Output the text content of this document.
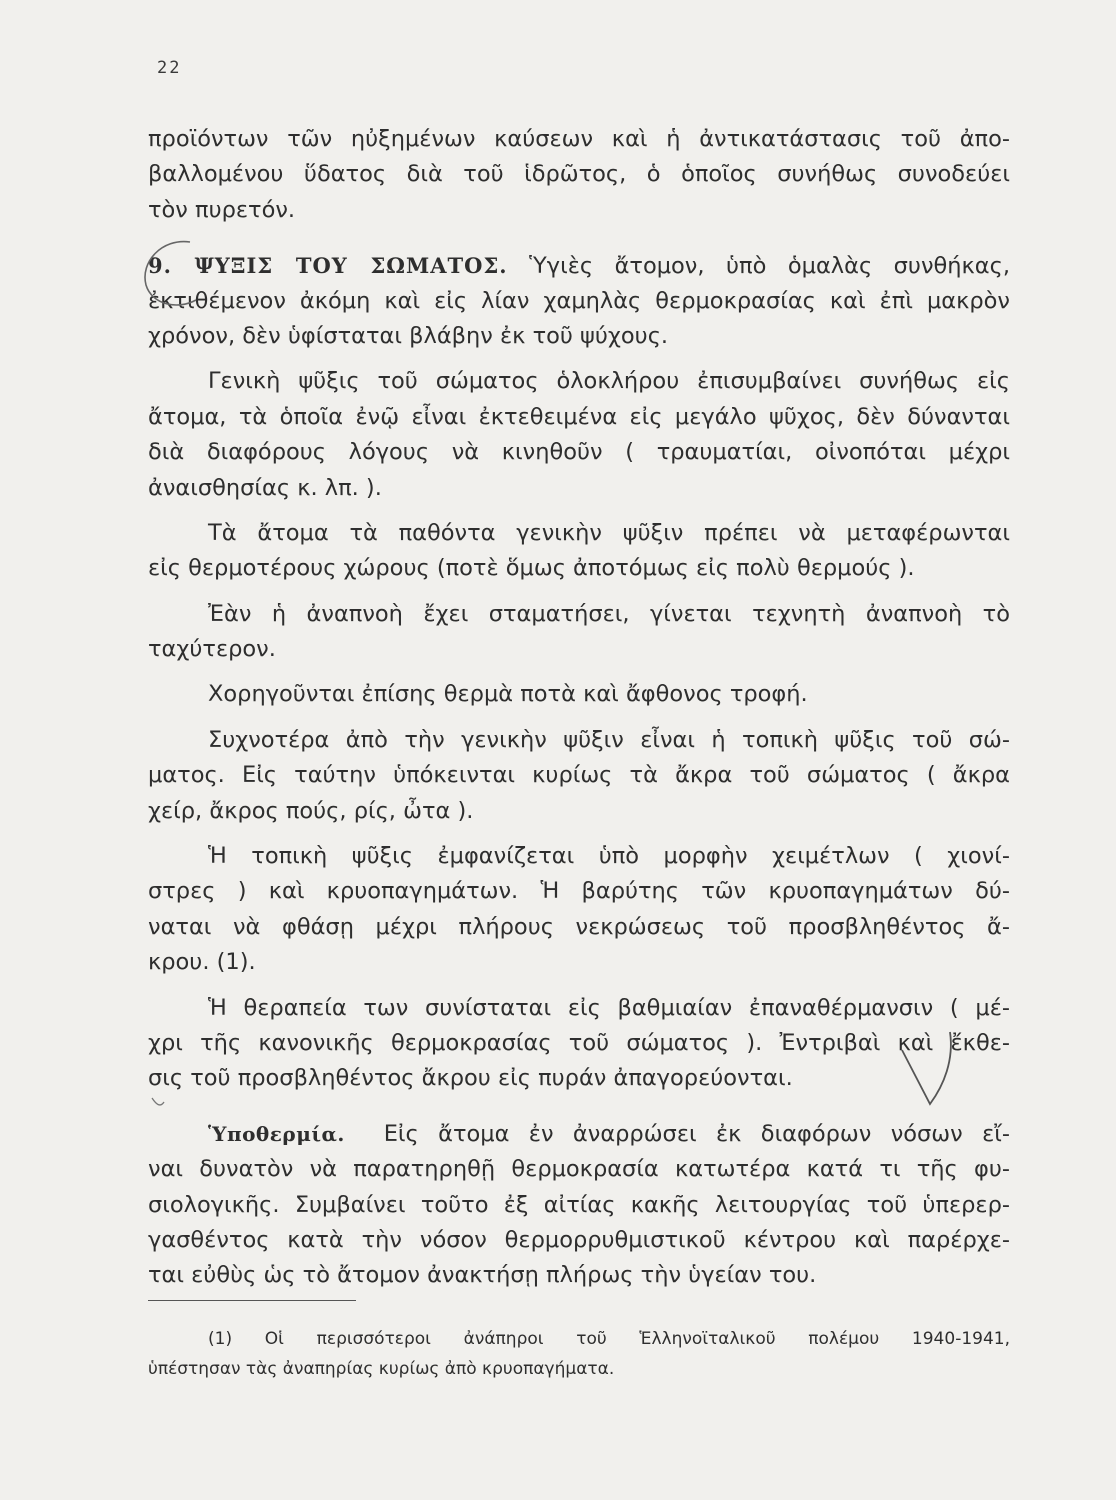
22
προϊόντων τῶν ηὐξημένων καύσεων καὶ ἡ ἀντικατάστασις τοῦ ἀπο-
βαλλομένου ὕδατος διὰ τοῦ ἱδρῶτος, ὁ ὁποῖος συνήθως συνοδεύει
τὸν πυρετόν.
9. ΨΥΞΙΣ ΤΟΥ ΣΩΜΑΤΟΣ. Ὑγιὲς ἄτομον, ὑπὸ ὁμαλὰς συνθήκας,
ἐκτιθέμενον ἀκόμη καὶ εἰς λίαν χαμηλὰς θερμοκρασίας καὶ ἐπὶ μακρὸν
χρόνον, δὲν ὑφίσταται βλάβην ἐκ τοῦ ψύχους.
Γενικὴ ψῦξις τοῦ σώματος ὁλοκλήρου ἐπισυμβαίνει συνήθως εἰς
ἄτομα, τὰ ὁποῖα ἐνῷ εἶναι ἐκτεθειμένα εἰς μεγάλο ψῦχος, δὲν δύνανται
διὰ διαφόρους λόγους νὰ κινηθοῦν ( τραυματίαι, οἰνοπόται μέχρι
ἀναισθησίας κ. λπ. ).
Τὰ ἄτομα τὰ παθόντα γενικὴν ψῦξιν πρέπει νὰ μεταφέρωνται
εἰς θερμοτέρους χώρους (ποτὲ ὅμως ἀποτόμως εἰς πολὺ θερμούς ).
Ἐὰν ἡ ἀναπνοὴ ἔχει σταματήσει, γίνεται τεχνητὴ ἀναπνοὴ τὸ
ταχύτερον.
Χορηγοῦνται ἐπίσης θερμὰ ποτὰ καὶ ἄφθονος τροφή.
Συχνοτέρα ἀπὸ τὴν γενικὴν ψῦξιν εἶναι ἡ τοπικὴ ψῦξις τοῦ σώ-
ματος. Εἰς ταύτην ὑπόκεινται κυρίως τὰ ἄκρα τοῦ σώματος ( ἄκρα
χείρ, ἄκρος πούς, ρίς, ὦτα ).
Ἡ τοπικὴ ψῦξις ἐμφανίζεται ὑπὸ μορφὴν χειμέτλων ( χιονί-
στρες ) καὶ κρυοπαγημάτων. Ἡ βαρύτης τῶν κρυοπαγημάτων δύ-
ναται νὰ φθάσῃ μέχρι πλήρους νεκρώσεως τοῦ προσβληθέντος ἄ-
κρου. (1).
Ἡ θεραπεία των συνίσταται εἰς βαθμιαίαν ἐπαναθέρμανσιν ( μέ-
χρι τῆς κανονικῆς θερμοκρασίας τοῦ σώματος ). Ἐντριβαὶ καὶ ἔκθε-
σις τοῦ προσβληθέντος ἄκρου εἰς πυράν ἀπαγορεύονται.
Ὑποθερμία. Εἰς ἄτομα ἐν ἀναρρώσει ἐκ διαφόρων νόσων εἴ-
ναι δυνατὸν νὰ παρατηρηθῇ θερμοκρασία κατωτέρα κατά τι τῆς φυ-
σιολογικῆς. Συμβαίνει τοῦτο ἐξ αἰτίας κακῆς λειτουργίας τοῦ ὑπερερ-
γασθέντος κατὰ τὴν νόσον θερμορρυθμιστικοῦ κέντρου καὶ παρέρχε-
ται εὐθὺς ὡς τὸ ἄτομον ἀνακτήσῃ πλήρως τὴν ὑγείαν του.
(1) Οἱ περισσότεροι ἀνάπηροι τοῦ Ἑλληνοϊταλικοῦ πολέμου 1940-1941,
ὑπέστησαν τὰς ἀναπηρίας κυρίως ἀπὸ κρυοπαγήματα.
